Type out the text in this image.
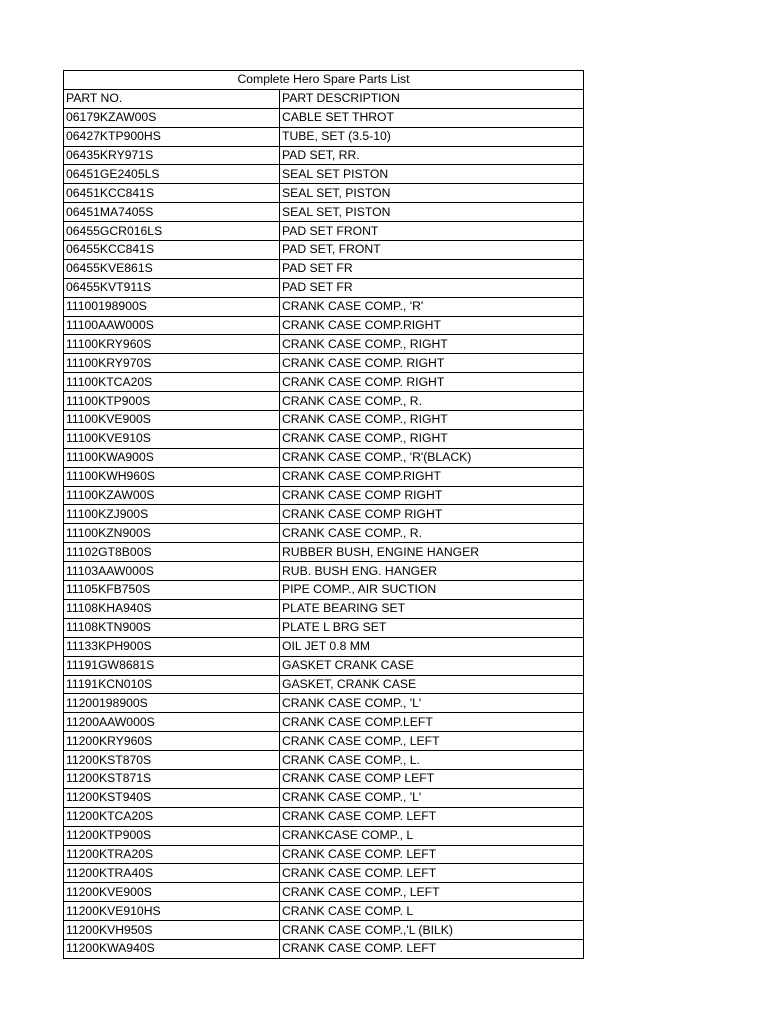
Complete Hero Spare Parts List	
PART NO.	PART DESCRIPTION
06179KZAW00S	CABLE SET THROT
06427KTP900HS	TUBE, SET (3.5-10)
06435KRY971S	PAD SET, RR.
06451GE2405LS	SEAL SET PISTON
06451KCC841S	SEAL SET, PISTON
06451MA7405S	SEAL SET, PISTON
06455GCR016LS	PAD SET FRONT
06455KCC841S	PAD SET, FRONT
06455KVE861S	PAD SET FR
06455KVT911S	PAD SET FR
11100198900S	CRANK CASE COMP., 'R'
11100AAW000S	CRANK CASE COMP.RIGHT
11100KRY960S	CRANK CASE COMP., RIGHT
11100KRY970S	CRANK CASE COMP. RIGHT
11100KTCA20S	CRANK CASE COMP. RIGHT
11100KTP900S	CRANK CASE COMP., R.
11100KVE900S	CRANK CASE COMP., RIGHT
11100KVE910S	CRANK CASE COMP., RIGHT
11100KWA900S	CRANK CASE COMP., 'R'(BLACK)
11100KWH960S	CRANK CASE COMP.RIGHT
11100KZAW00S	CRANK CASE COMP RIGHT
11100KZJ900S	CRANK CASE COMP RIGHT
11100KZN900S	CRANK CASE COMP., R.
11102GT8B00S	RUBBER BUSH, ENGINE HANGER
11103AAW000S	RUB. BUSH ENG. HANGER
11105KFB750S	PIPE COMP., AIR SUCTION
11108KHA940S	PLATE BEARING SET
11108KTN900S	PLATE L BRG SET
11133KPH900S	OIL JET 0.8 MM
11191GW8681S	GASKET CRANK CASE
11191KCN010S	GASKET, CRANK CASE
11200198900S	CRANK CASE COMP., 'L'
11200AAW000S	CRANK CASE COMP.LEFT
11200KRY960S	CRANK CASE COMP., LEFT
11200KST870S	CRANK CASE COMP., L.
11200KST871S	CRANK CASE COMP LEFT
11200KST940S	CRANK CASE COMP., 'L'
11200KTCA20S	CRANK CASE COMP. LEFT
11200KTP900S	CRANKCASE COMP., L
11200KTRA20S	CRANK CASE COMP. LEFT
11200KTRA40S	CRANK CASE COMP. LEFT
11200KVE900S	CRANK CASE COMP., LEFT
11200KVE910HS	CRANK CASE COMP. L
11200KVH950S	CRANK CASE COMP.,'L (BILK)
11200KWA940S	CRANK CASE COMP. LEFT
